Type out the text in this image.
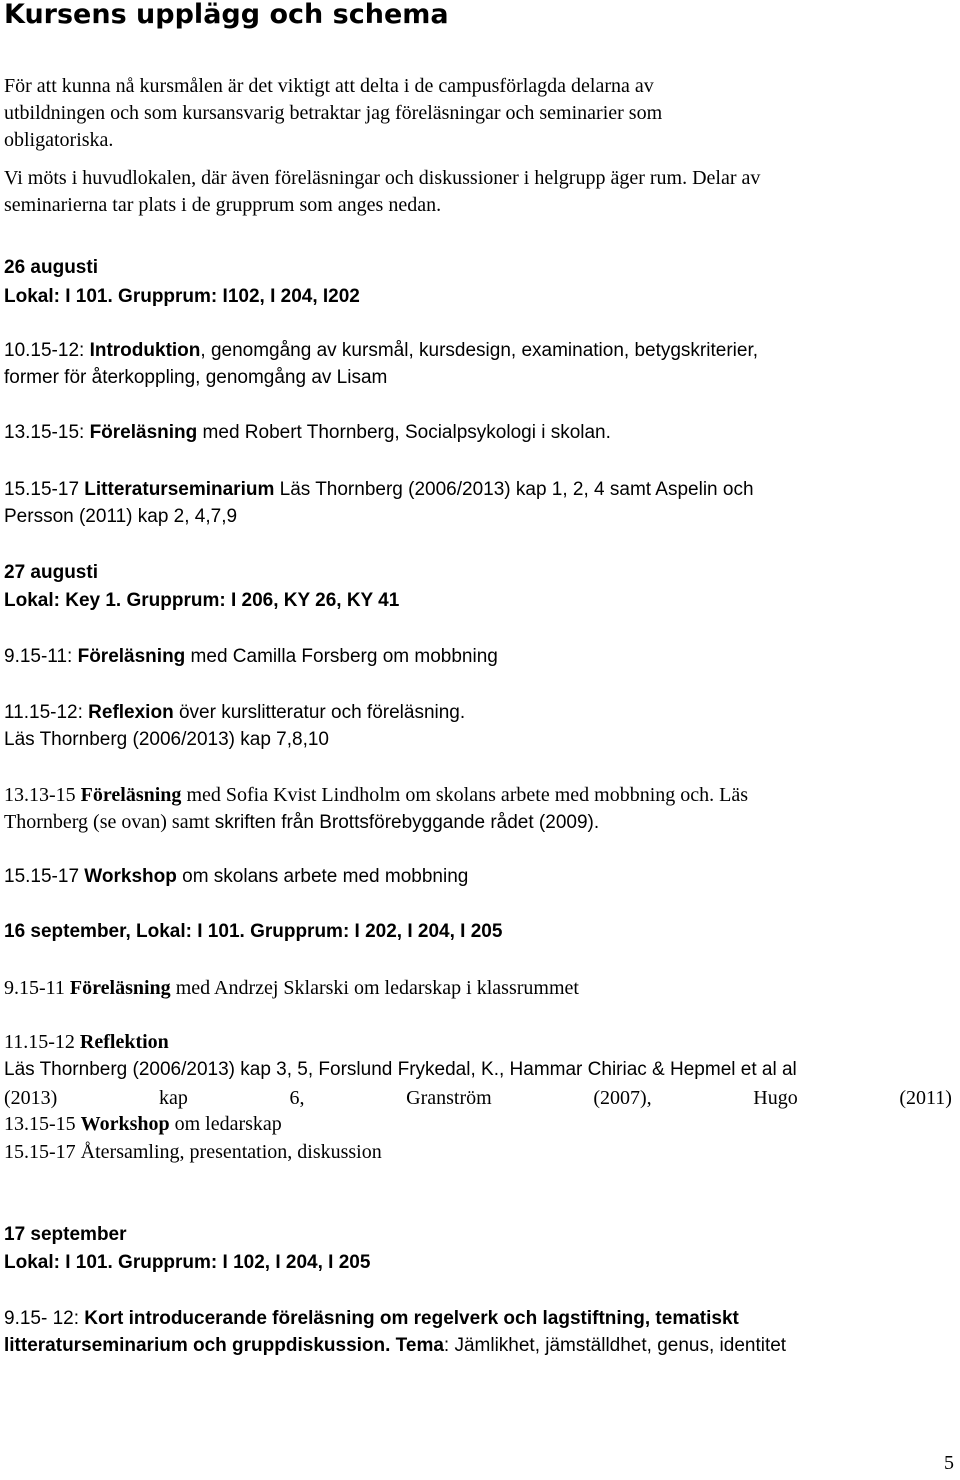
Kursens upplägg och schema

För att kunna nå kursmålen är det viktigt att delta i de campusförlagda delarna av

utbildningen och som kursansvarig betraktar jag föreläsningar och seminarier som

obligatoriska.

Vi möts i huvudlokalen, där även föreläsningar och diskussioner i helgrupp äger rum. Delar av

seminarierna tar plats i de grupprum som anges nedan.

26 augusti

Lokal: I 101. Grupprum: I102, I 204, I202

10.15-12: Introduktion, genomgång av kursmål, kursdesign, examination, betygskriterier,

former för återkoppling, genomgång av Lisam

13.15-15: Föreläsning med Robert Thornberg, Socialpsykologi i skolan.

15.15-17 Litteraturseminarium Läs Thornberg (2006/2013) kap 1, 2, 4 samt Aspelin och

Persson (2011) kap 2, 4,7,9

27 augusti

Lokal: Key 1. Grupprum: I 206, KY 26, KY 41

9.15-11: Föreläsning med Camilla Forsberg om mobbning

11.15-12: Reflexion över kurslitteratur och föreläsning.

Läs Thornberg (2006/2013) kap 7,8,10

13.13-15 Föreläsning med Sofia Kvist Lindholm om skolans arbete med mobbning och. Läs

Thornberg (se ovan) samt skriften från Brottsförebyggande rådet (2009).

15.15-17 Workshop om skolans arbete med mobbning

16 september, Lokal: I 101. Grupprum: I 202, I 204, I 205

9.15-11 Föreläsning med Andrzej Sklarski om ledarskap i klassrummet

11.15-12 Reflektion

Läs Thornberg (2006/2013) kap 3, 5, Forslund Frykedal, K., Hammar Chiriac & Hepmel et al al

(2013)	kap	6,	Granström	(2007),	Hugo	(2011)

13.15-15 Workshop om ledarskap

15.15-17 Återsamling, presentation, diskussion

17 september

Lokal: I 101. Grupprum: I 102, I 204, I 205

9.15- 12: Kort introducerande föreläsning om regelverk och lagstiftning, tematiskt

litteraturseminarium och gruppdiskussion. Tema: Jämlikhet, jämställdhet, genus, identitet

5
